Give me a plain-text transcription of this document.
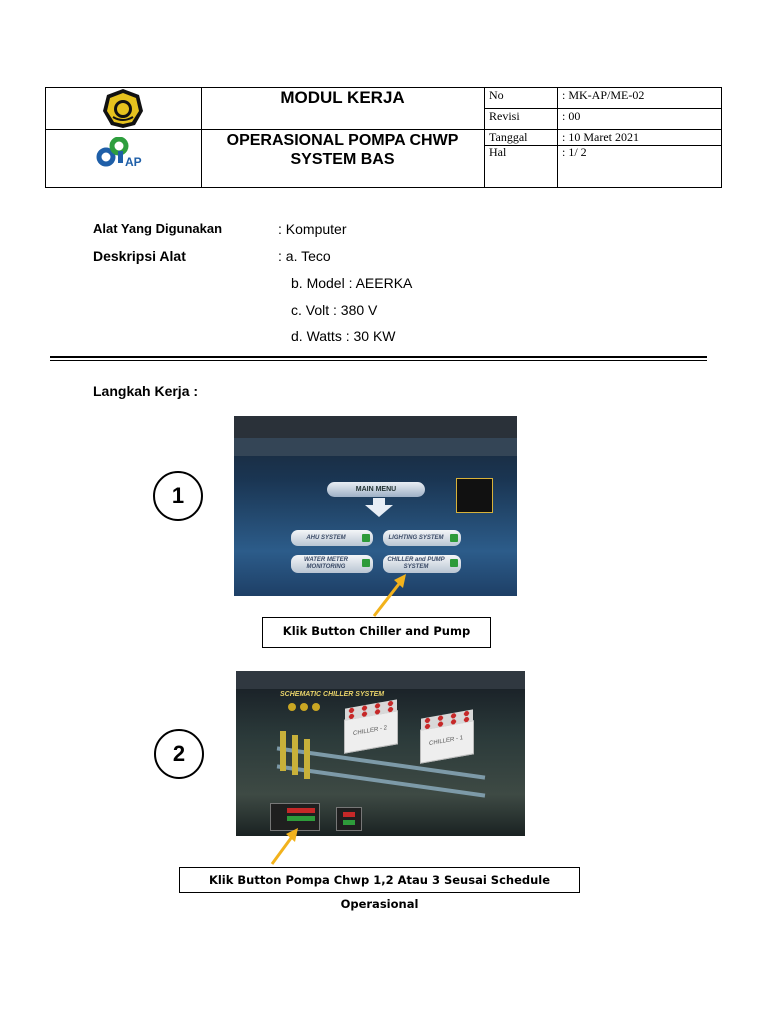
AP
MODUL KERJA
OPERASIONAL POMPA CHWP
SYSTEM BAS
No	: MK-AP/ME-02
Revisi	: 00
Tanggal	: 10 Maret 2021
Hal	: 1/ 2
Alat Yang Digunakan	: Komputer
Deskripsi Alat	: a. Teco
b. Model : AEERKA
c. Volt : 380 V
d. Watts : 30 KW
Langkah Kerja :
1	MAIN MENU
AHU SYSTEM	LIGHTING SYSTEM
WATER METER MONITORING
CHILLER and PUMP SYSTEM
Klik Button Chiller and Pump
2
SCHEMATIC CHILLER SYSTEM
CHILLER - 2
CHILLER - 1
Klik Button Pompa Chwp 1,2 Atau 3 Seusai Schedule Operasional
